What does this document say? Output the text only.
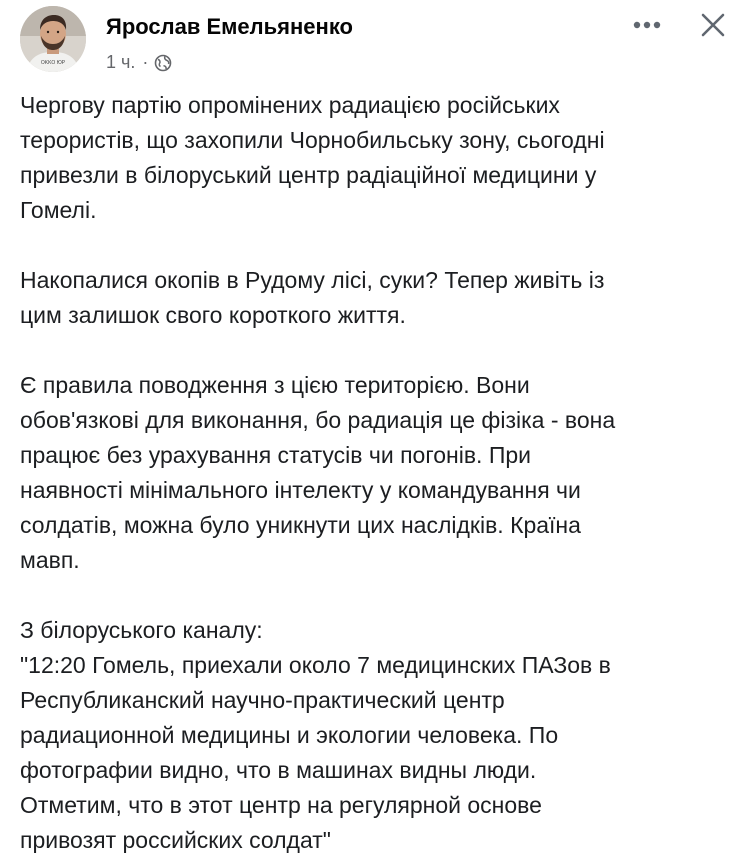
OKKO ЮР
Ярослав Емельяненко
1 ч. ·

Чергову партію опромінених радиацією російських
терористів, що захопили Чорнобильську зону, сьогодні
привезли в білоруський центр радіаційної медицини у
Гомелі.

Накопалися окопів в Рудому лісі, суки? Тепер живіть із
цим залишок свого короткого життя.

Є правила поводження з цією територією. Вони
обов'язкові для виконання, бо радиація це фізіка - вона
працює без урахування статусів чи погонів. При
наявності мінімального інтелекту у командування чи
солдатів, можна було уникнути цих наслідків. Країна
мавп.

З білоруського каналу:
"12:20 Гомель, приехали около 7 медицинских ПАЗов в
Республиканский научно-практический центр
радиационной медицины и экологии человека. По
фотографии видно, что в машинах видны люди.
Отметим, что в этот центр на регулярной основе
привозят российских солдат"
